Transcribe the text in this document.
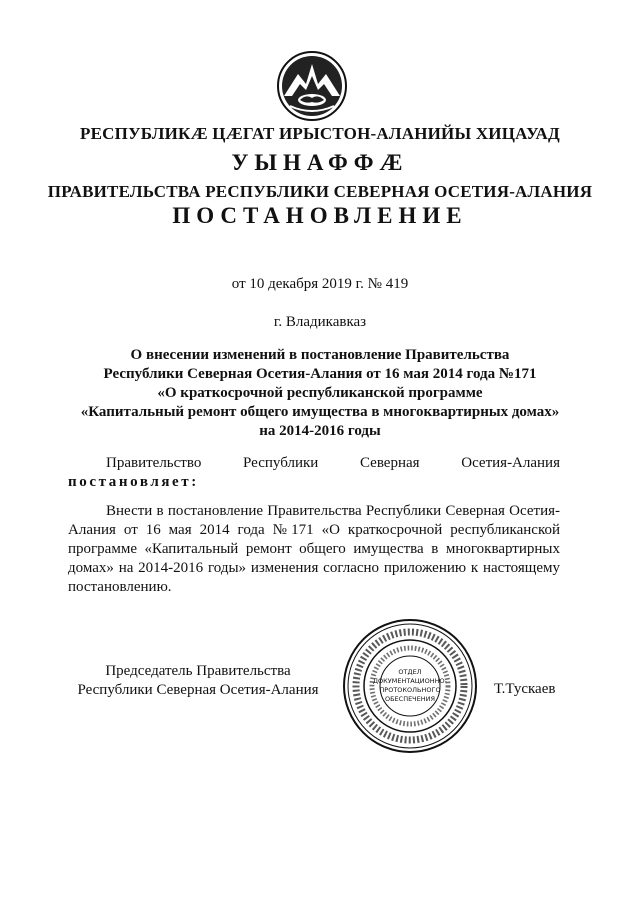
РЕСПУБЛИКÆ ЦÆГАТ ИРЫСТОН-АЛАНИЙЫ ХИЦАУАД
УЫНАФФÆ
ПРАВИТЕЛЬСТВА РЕСПУБЛИКИ СЕВЕРНАЯ ОСЕТИЯ-АЛАНИЯ
ПОСТАНОВЛЕНИЕ
от 10 декабря 2019 г. № 419
г. Владикавказ
О внесении изменений в постановление Правительства
Республики Северная Осетия-Алания от 16 мая 2014 года №171
«О краткосрочной республиканской программе
«Капитальный ремонт общего имущества в многоквартирных домах»
на 2014-2016 годы
Правительство	Республики	Северная	Осетия-Алания
постановляет:
Внести в постановление Правительства Республики Северная Осетия-Алания от 16 мая 2014 года №171 «О краткосрочной республиканской программе «Капитальный ремонт общего имущества в многоквартирных домах» на 2014-2016 годы» изменения согласно приложению к настоящему постановлению.
Председатель Правительства
Республики Северная Осетия-Алания
ОТДЕЛ
ДОКУМЕНТАЦИОННО-
ПРОТОКОЛЬНОГО
ОБЕСПЕЧЕНИЯ
Т.Тускаев
